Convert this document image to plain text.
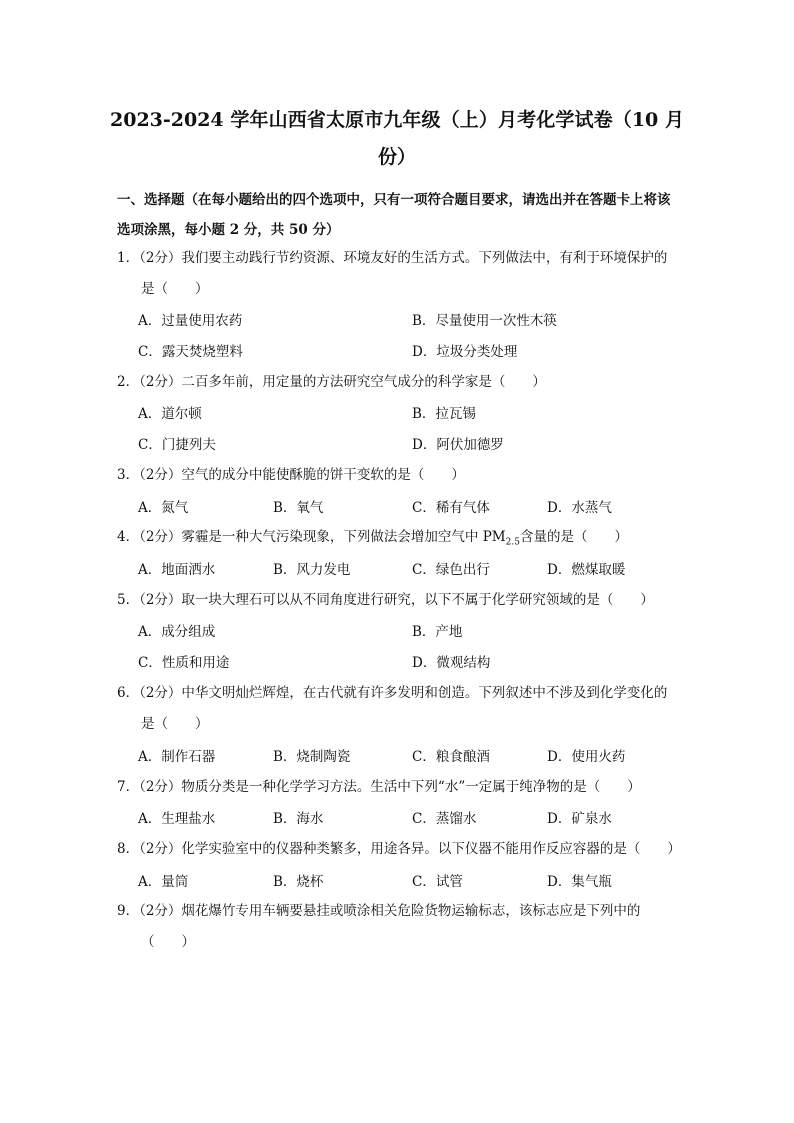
2023-2024 学年山西省太原市九年级（上）月考化学试卷（10 月份）
一、选择题（在每小题给出的四个选项中，只有一项符合题目要求，请选出并在答题卡上将该选项涂黑，每小题 2 分，共 50 分）
1．（2分）我们要主动践行节约资源、环境友好的生活方式。下列做法中，有利于环境保护的是（　　）
A．过量使用农药	B．尽量使用一次性木筷
C．露天焚烧塑料	D．垃圾分类处理
2．（2分）二百多年前，用定量的方法研究空气成分的科学家是（　　）
A．道尔顿	B．拉瓦锡
C．门捷列夫	D．阿伏加德罗
3．（2分）空气的成分中能使酥脆的饼干变软的是（　　）
A．氮气	B．氧气	C．稀有气体	D．水蒸气
4．（2分）雾霾是一种大气污染现象，下列做法会增加空气中 $PM_{2.5}$含量的是（　　）
A．地面洒水	B．风力发电	C．绿色出行	D．燃煤取暖
5．（2分）取一块大理石可以从不同角度进行研究，以下不属于化学研究领域的是（　　）
A．成分组成	B．产地
C．性质和用途	D．微观结构
6．（2分）中华文明灿烂辉煌，在古代就有许多发明和创造。下列叙述中不涉及到化学变化的是（　　）
A．制作石器	B．烧制陶瓷	C．粮食酿酒	D．使用火药
7．（2分）物质分类是一种化学学习方法。生活中下列“水”一定属于纯净物的是（　　）
A．生理盐水	B．海水	C．蒸馏水	D．矿泉水
8．（2分）化学实验室中的仪器种类繁多，用途各异。以下仪器不能用作反应容器的是（　　）
A．量筒	B．烧杯	C．试管	D．集气瓶
9．（2分）烟花爆竹专用车辆要悬挂或喷涂相关危险货物运输标志，该标志应是下列中的（　　）
